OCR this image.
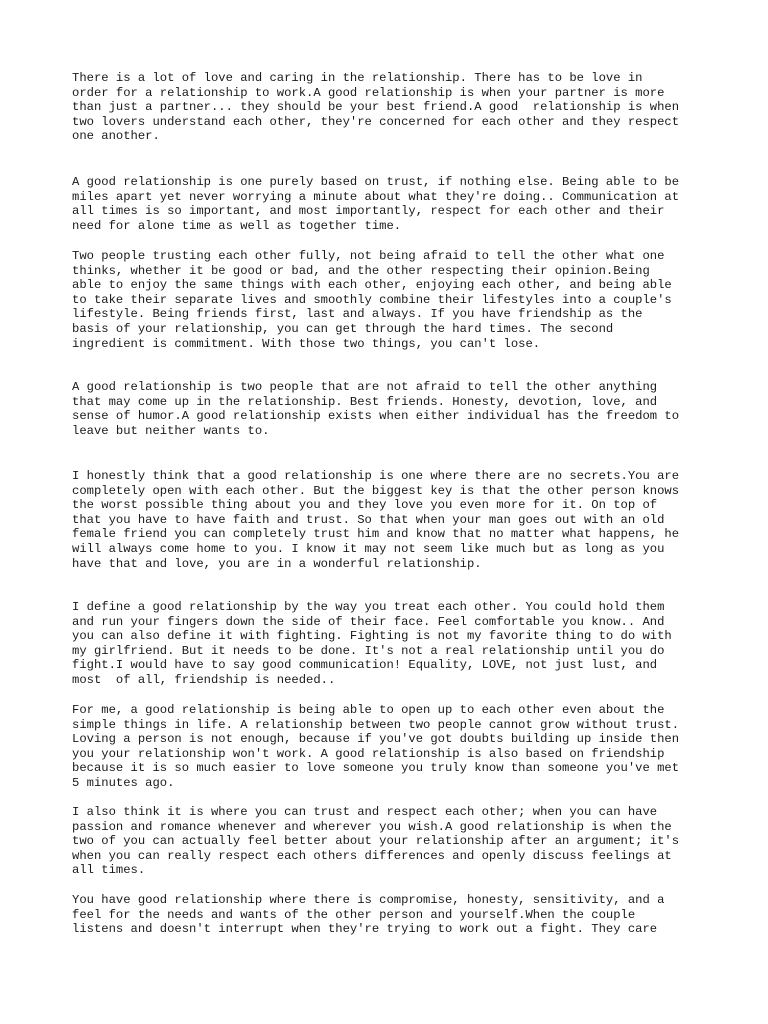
There is a lot of love and caring in the relationship. There has to be love in
order for a relationship to work.A good relationship is when your partner is more
than just a partner... they should be your best friend.A good  relationship is when
two lovers understand each other, they're concerned for each other and they respect
one another.

A good relationship is one purely based on trust, if nothing else. Being able to be
miles apart yet never worrying a minute about what they're doing.. Communication at
all times is so important, and most importantly, respect for each other and their
need for alone time as well as together time.

Two people trusting each other fully, not being afraid to tell the other what one
thinks, whether it be good or bad, and the other respecting their opinion.Being
able to enjoy the same things with each other, enjoying each other, and being able
to take their separate lives and smoothly combine their lifestyles into a couple's
lifestyle. Being friends first, last and always. If you have friendship as the
basis of your relationship, you can get through the hard times. The second
ingredient is commitment. With those two things, you can't lose.

A good relationship is two people that are not afraid to tell the other anything
that may come up in the relationship. Best friends. Honesty, devotion, love, and
sense of humor.A good relationship exists when either individual has the freedom to
leave but neither wants to.

I honestly think that a good relationship is one where there are no secrets.You are
completely open with each other. But the biggest key is that the other person knows
the worst possible thing about you and they love you even more for it. On top of
that you have to have faith and trust. So that when your man goes out with an old
female friend you can completely trust him and know that no matter what happens, he
will always come home to you. I know it may not seem like much but as long as you
have that and love, you are in a wonderful relationship.

I define a good relationship by the way you treat each other. You could hold them
and run your fingers down the side of their face. Feel comfortable you know.. And
you can also define it with fighting. Fighting is not my favorite thing to do with
my girlfriend. But it needs to be done. It's not a real relationship until you do
fight.I would have to say good communication! Equality, LOVE, not just lust, and
most  of all, friendship is needed..

For me, a good relationship is being able to open up to each other even about the
simple things in life. A relationship between two people cannot grow without trust.
Loving a person is not enough, because if you've got doubts building up inside then
you your relationship won't work. A good relationship is also based on friendship
because it is so much easier to love someone you truly know than someone you've met
5 minutes ago.

I also think it is where you can trust and respect each other; when you can have
passion and romance whenever and wherever you wish.A good relationship is when the
two of you can actually feel better about your relationship after an argument; it's
when you can really respect each others differences and openly discuss feelings at
all times.

You have good relationship where there is compromise, honesty, sensitivity, and a
feel for the needs and wants of the other person and yourself.When the couple
listens and doesn't interrupt when they're trying to work out a fight. They care
